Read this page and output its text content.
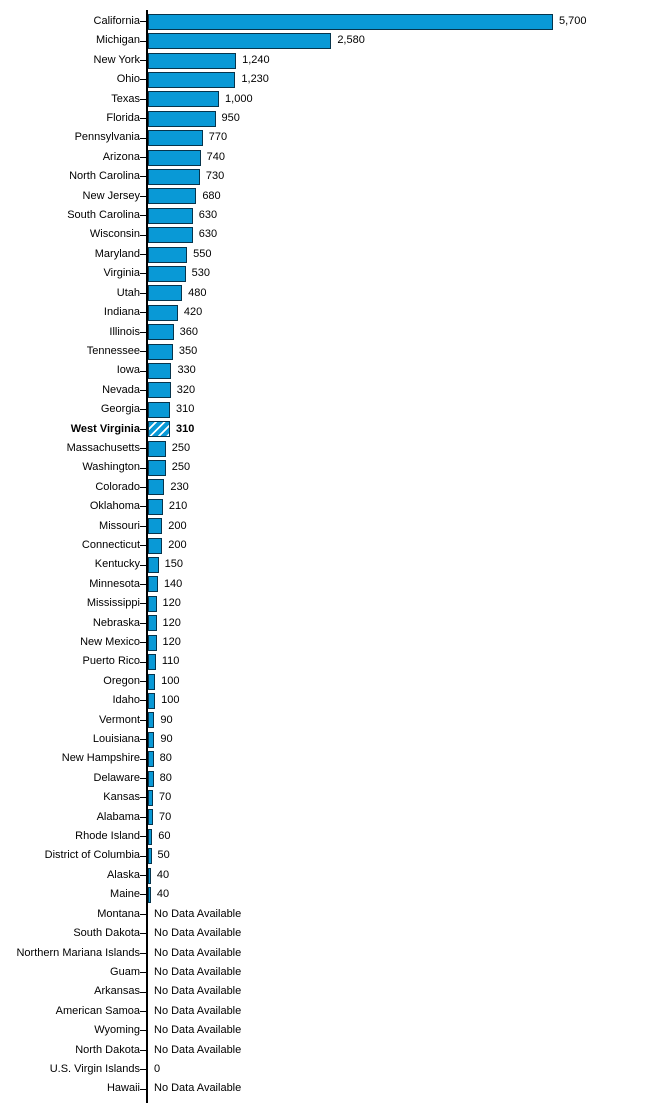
California	5,700
Michigan	2,580
New York	1,240
Ohio	1,230
Texas	1,000
Florida	950
Pennsylvania	770
Arizona	740
North Carolina	730
New Jersey	680
South Carolina	630
Wisconsin	630
Maryland	550
Virginia	530
Utah	480
Indiana	420
Illinois	360
Tennessee	350
Iowa	330
Nevada	320
Georgia	310
West Virginia	310
Massachusetts	250
Washington	250
Colorado	230
Oklahoma	210
Missouri	200
Connecticut	200
Kentucky 150
Minnesota 140
Mississippi 120
Nebraska 120
New Mexico 120
Puerto Rico 110
Oregon 100
Idaho 100
Vermont 90
Louisiana 90
New Hampshire 80
Delaware 80
Kansas 70
Alabama 70
Rhode Island 60
District of Columbia 50
Alaska 40
Maine 40
Montana No Data Available
South Dakota No Data Available
Northern Mariana Islands No Data Available
Guam No Data Available
Arkansas No Data Available
American Samoa No Data Available
Wyoming No Data Available
North Dakota No Data Available
U.S. Virgin Islands 0
Hawaii No Data Available
